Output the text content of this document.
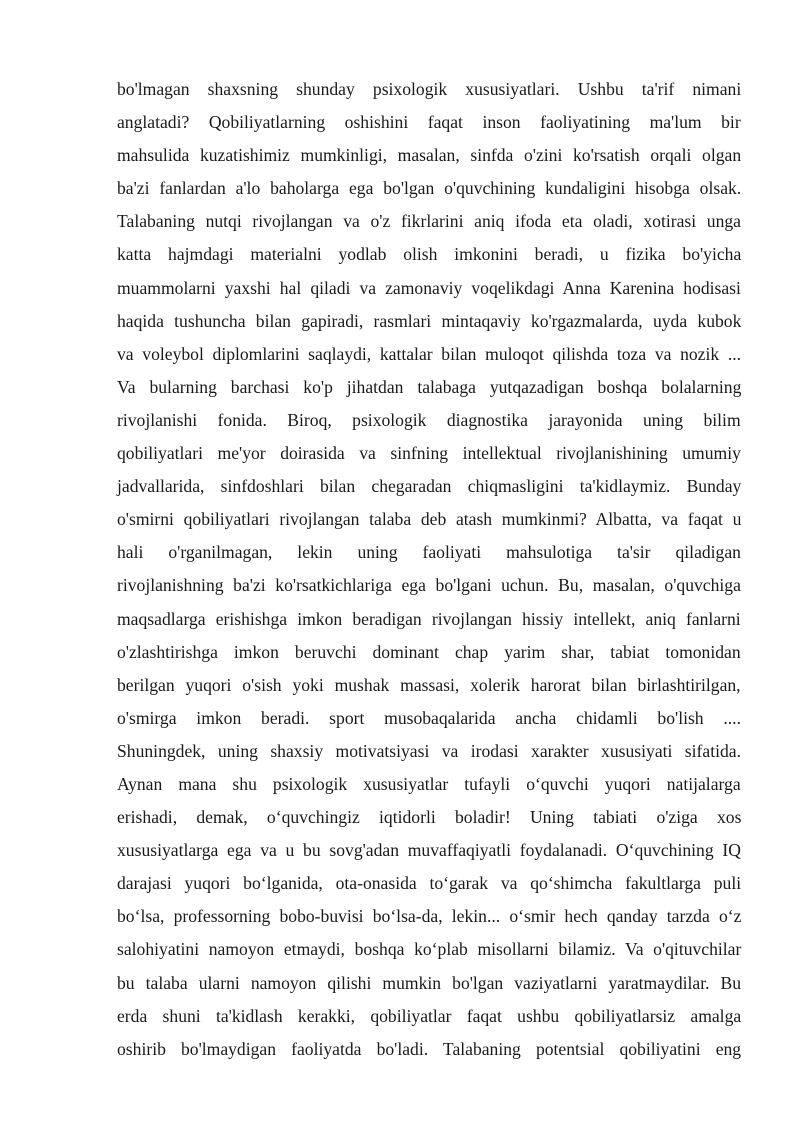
bo'lmagan shaxsning shunday psixologik xususiyatlari. Ushbu ta'rif nimani
anglatadi? Qobiliyatlarning oshishini faqat inson faoliyatining ma'lum bir
mahsulida kuzatishimiz mumkinligi, masalan, sinfda o'zini ko'rsatish orqali olgan
ba'zi fanlardan a'lo baholarga ega bo'lgan o'quvchining kundaligini hisobga olsak.
Talabaning nutqi rivojlangan va o'z fikrlarini aniq ifoda eta oladi, xotirasi unga
katta hajmdagi materialni yodlab olish imkonini beradi, u fizika bo'yicha
muammolarni yaxshi hal qiladi va zamonaviy voqelikdagi Anna Karenina hodisasi
haqida tushuncha bilan gapiradi, rasmlari mintaqaviy ko'rgazmalarda, uyda kubok
va voleybol diplomlarini saqlaydi, kattalar bilan muloqot qilishda toza va nozik ...
Va bularning barchasi ko'p jihatdan talabaga yutqazadigan boshqa bolalarning
rivojlanishi fonida. Biroq, psixologik diagnostika jarayonida uning bilim
qobiliyatlari me'yor doirasida va sinfning intellektual rivojlanishining umumiy
jadvallarida, sinfdoshlari bilan chegaradan chiqmasligini ta'kidlaymiz. Bunday
o'smirni qobiliyatlari rivojlangan talaba deb atash mumkinmi? Albatta, va faqat u
hali o'rganilmagan, lekin uning faoliyati mahsulotiga ta'sir qiladigan
rivojlanishning ba'zi ko'rsatkichlariga ega bo'lgani uchun. Bu, masalan, o'quvchiga
maqsadlarga erishishga imkon beradigan rivojlangan hissiy intellekt, aniq fanlarni
o'zlashtirishga imkon beruvchi dominant chap yarim shar, tabiat tomonidan
berilgan yuqori o'sish yoki mushak massasi, xolerik harorat bilan birlashtirilgan,
o'smirga imkon beradi. sport musobaqalarida ancha chidamli bo'lish ....
Shuningdek, uning shaxsiy motivatsiyasi va irodasi xarakter xususiyati sifatida.
Aynan mana shu psixologik xususiyatlar tufayli o‘quvchi yuqori natijalarga
erishadi, demak, o‘quvchingiz iqtidorli boladir! Uning tabiati o'ziga xos
xususiyatlarga ega va u bu sovg'adan muvaffaqiyatli foydalanadi. O‘quvchining IQ
darajasi yuqori bo‘lganida, ota-onasida to‘garak va qo‘shimcha fakultlarga puli
bo‘lsa, professorning bobo-buvisi bo‘lsa-da, lekin... o‘smir hech qanday tarzda o‘z
salohiyatini namoyon etmaydi, boshqa ko‘plab misollarni bilamiz. Va o'qituvchilar
bu talaba ularni namoyon qilishi mumkin bo'lgan vaziyatlarni yaratmaydilar. Bu
erda shuni ta'kidlash kerakki, qobiliyatlar faqat ushbu qobiliyatlarsiz amalga
oshirib bo'lmaydigan faoliyatda bo'ladi. Talabaning potentsial qobiliyatini eng
